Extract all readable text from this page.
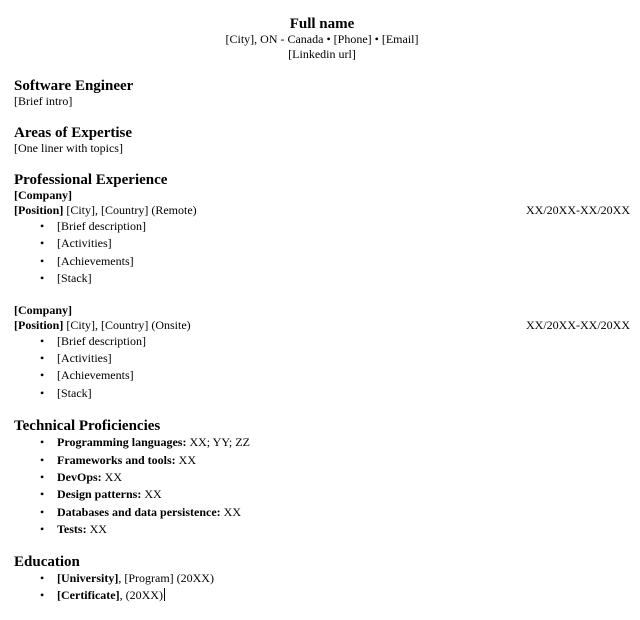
Full name
[City], ON - Canada • [Phone] • [Email]
[Linkedin url]
Software Engineer
[Brief intro]
Areas of Expertise
[One liner with topics]
Professional Experience
[Company]
[Position] [City], [Country] (Remote)	XX/20XX-XX/20XX
• [Brief description]
• [Activities]
• [Achievements]
• [Stack]
[Company]
[Position] [City], [Country] (Onsite)	XX/20XX-XX/20XX
• [Brief description]
• [Activities]
• [Achievements]
• [Stack]
Technical Proficiencies
• Programming languages: XX; YY; ZZ
• Frameworks and tools: XX
• DevOps: XX
• Design patterns: XX
• Databases and data persistence: XX
• Tests: XX
Education
• [University], [Program] (20XX)
• [Certificate], (20XX)
